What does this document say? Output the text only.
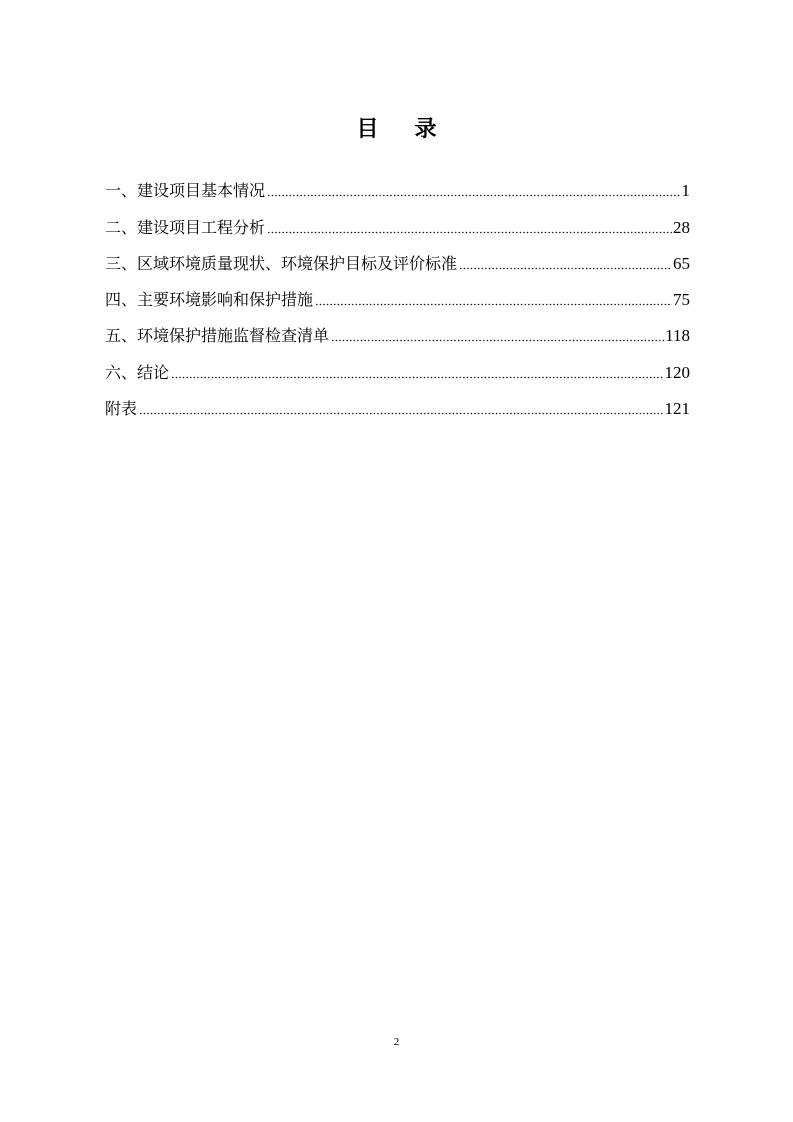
目 录
一、建设项目基本情况	1
二、建设项目工程分析	28
三、区域环境质量现状、环境保护目标及评价标准	65
四、主要环境影响和保护措施	75
五、环境保护措施监督检查清单	118
六、结论	120
附表	121
2
